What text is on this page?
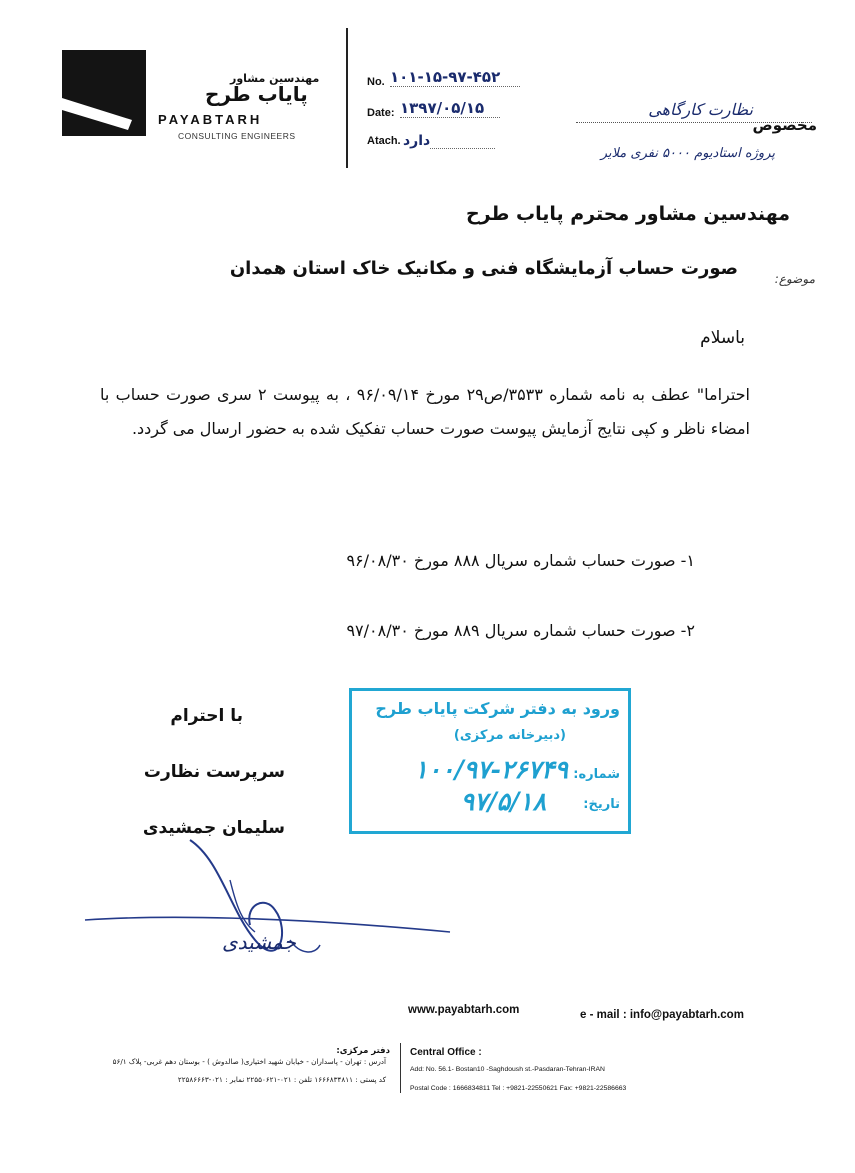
مهندسین مشاور
پایاب طرح
PAYABTARH
CONSULTING ENGINEERS
No. ۱۰۱-۱۵-۹۷-۴۵۲
Date: ۱۳۹۷/۰۵/۱۵
Atach. دارد
مخصوص
نظارت کارگاهی
پروژه استادیوم ۵۰۰۰ نفری ملایر
مهندسین مشاور محترم پایاب طرح
موضوع:
صورت حساب آزمایشگاه فنی و مکانیک خاک استان همدان
باسلام
احتراما" عطف به نامه شماره ۳۵۳۳/ص۲۹ مورخ ۹۶/۰۹/۱۴ ، به پیوست ۲ سری صورت حساب با امضاء ناظر و کپی نتایج آزمایش پیوست صورت حساب تفکیک شده به حضور ارسال می گردد.
۱- صورت حساب شماره سریال ۸۸۸ مورخ ۹۶/۰۸/۳۰
۲- صورت حساب شماره سریال ۸۸۹ مورخ ۹۷/۰۸/۳۰
با احترام
سرپرست نظارت
سلیمان جمشیدی
جمشیدی
ورود به دفتر شرکت پایاب طرح
(دبیرخانه مرکزی)
شماره:
۱۰۰/۹۷-۲۶۷۴۹
تاریخ:
۹۷/۵/۱۸
www.payabtarh.com	e - mail : info@payabtarh.com
Central Office :
Add: No. 56.1- Bostan10 -Saghdoush st.-Pasdaran-Tehran-IRAN
Postal Code : 1666834811 Tel : +9821-22550621 Fax: +9821-22586663
دفتر مرکزی:
آدرس : تهران - پاسداران - خیابان شهید اختیاری( صالدوش ) - بوستان دهم غربی- پلاک ۵۶/۱
کد پستی : ۱۶۶۶۸۳۴۸۱۱ تلفن : ۰۲۱-۲۲۵۵۰۶۲۱ نمابر : ۰۲۱-۲۲۵۸۶۶۶۳
